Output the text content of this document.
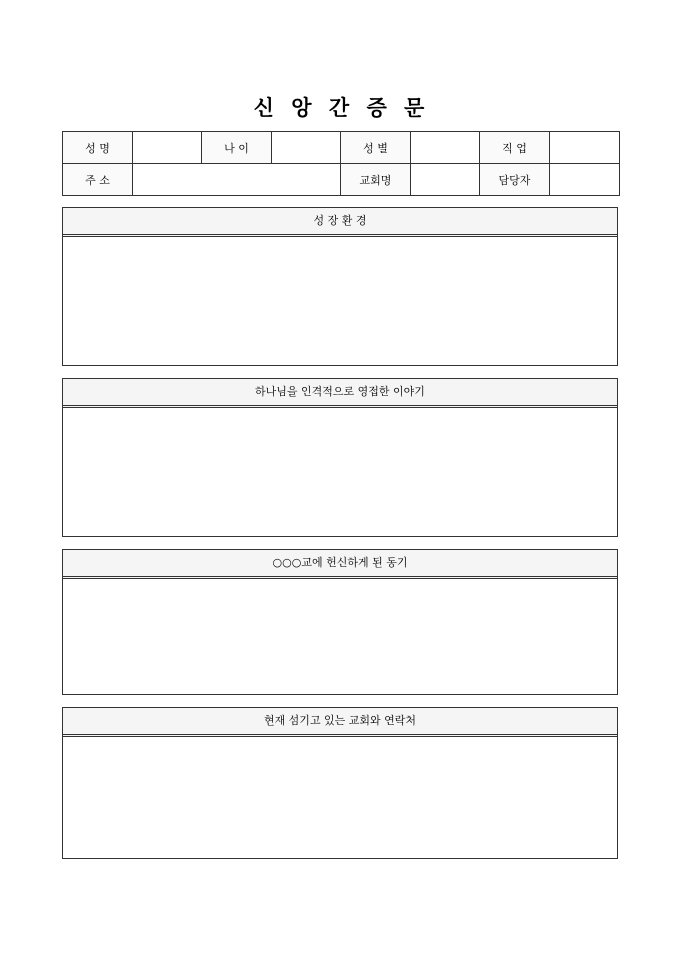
신 앙 간 증 문
성 명		나 이		성 별		직 업	
주 소				교회명		담당자	
성 장 환 경
하나님을 인격적으로 영접한 이야기
○○○교에 헌신하게 된 동기
현재 섬기고 있는 교회와 연락처
